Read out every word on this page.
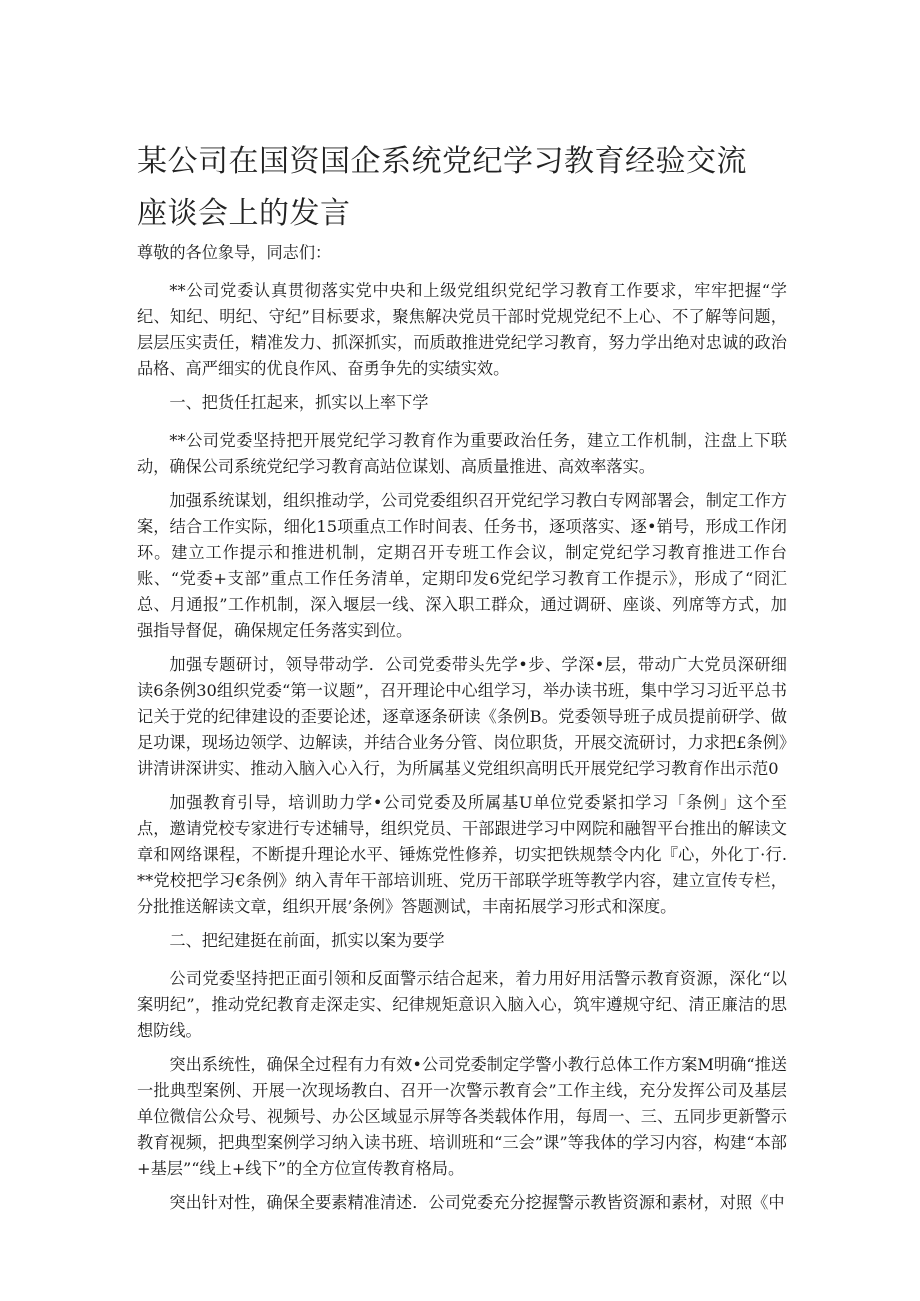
某公司在国资国企系统党纪学习教育经验交流座谈会上的发言

尊敬的各位象导，同志们：

**公司党委认真贯彻落实党中央和上级党组织党纪学习教育工作要求，牢牢把握“学纪、知纪、明纪、守纪”目标要求，聚焦解决党员干部时党规党纪不上心、不了解等问题，层层压实责任，精准发力、抓深抓实，而质敢推进党纪学习教育，努力学出绝对忠诚的政治品格、高严细实的优良作风、奋勇争先的实绩实效。

一、把货任扛起来，抓实以上率下学

**公司党委坚持把开展党纪学习教育作为重要政治任务，建立工作机制，注盘上下联动，确保公司系统党纪学习教育高站位谋划、高质量推进、高效率落实。

加强系统谋划，组织推动学，公司党委组织召开党纪学习教白专网部署会，制定工作方案，结合工作实际，细化15项重点工作时间表、任务书，逐项落实、逐•销号，形成工作闭环。建立工作提示和推进机制，定期召开专班工作会议，制定党纪学习教育推进工作台账、“党委+支部”重点工作任务清单，定期印发6党纪学习教育工作提示》，形成了“冏汇总、月通报”工作机制，深入堰层一线、深入职工群众，通过调研、座谈、列席等方式，加强指导督促，确保规定任务落实到位。

加强专题研讨，领导带动学．公司党委带头先学•步、学深•层，带动广大党员深研细读6条例30组织党委“第一议题”，召开理论中心组学习，举办读书班，集中学习习近平总书记关于党的纪律建设的歪要论述，逐章逐条研读《条例B。党委领导班子成员提前研学、做足功课，现场边领学、边解读，并结合业务分管、岗位职货，开展交流研讨，力求把£条例》讲清讲深讲实、推动入脑入心入行，为所属基义党组织高明氏开展党纪学习教育作出示范0

加强教育引导，培训助力学•公司党委及所属基U单位党委紧扣学习「条例」这个至点，邀请党校专家进行专述辅导，组织党员、干部跟进学习中网院和融智平台推出的解读文章和网络课程，不断提升理论水平、锤炼党性修养，切实把铁规禁令内化『心，外化丁·行. **党校把学习€条例》纳入青年干部培训班、党历干部联学班等教学内容，建立宣传专栏，分批推送解读文章，组织开展’条例》答题测试，丰南拓展学习形式和深度。

二、把纪建挺在前面，抓实以案为要学

公司党委坚持把正面引领和反面警示结合起来，着力用好用活警示教育资源，深化“以案明纪”，推动党纪教育走深走实、纪律规矩意识入脑入心，筑牢遵规守纪、清正廉洁的思想防线。

突出系统性，确保全过程有力有效•公司党委制定学警小教行总体工作方案M明确“推送一批典型案例、开展一次现场教白、召开一次警示教育会”工作主线，充分发挥公司及基层单位微信公众号、视频号、办公区域显示屏等各类载体作用，每周一、三、五同步更新警示教育视频，把典型案例学习纳入读书班、培训班和“三会”课”等我体的学习内容，构建“本部+基层”“线上+线下”的全方位宣传教育格局。

突出针对性，确保全要素精准清述．公司党委充分挖握警示教皆资源和素材，对照《中
